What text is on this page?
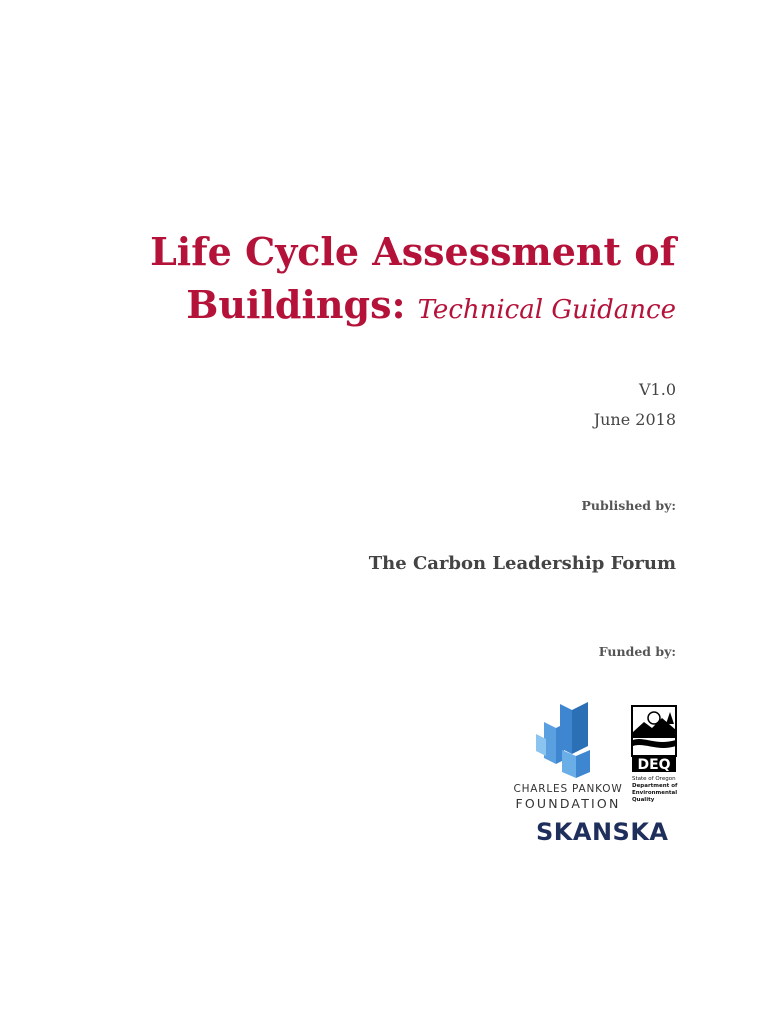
Life Cycle Assessment of
Buildings: Technical Guidance
V1.0
June 2018
Published by:
The Carbon Leadership Forum
Funded by:
CHARLES PANKOW
FOUNDATION
DEQ
State of Oregon
Department of
Environmental
Quality
SKANSKA
